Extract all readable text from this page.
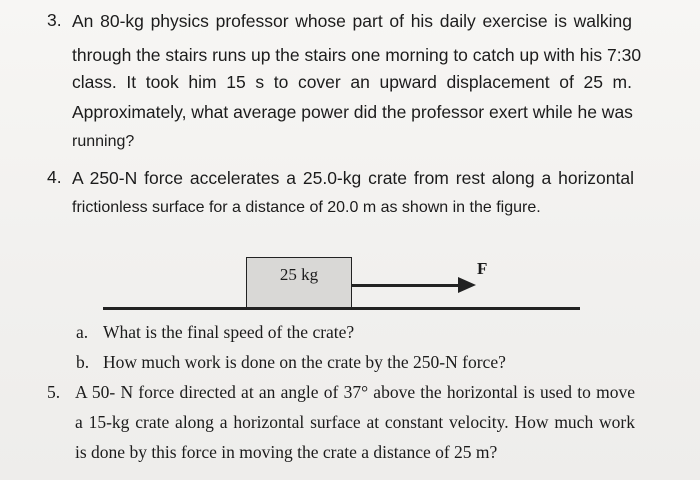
3. An 80-kg physics professor whose part of his daily exercise is walking
through the stairs runs up the stairs one morning to catch up with his 7:30
class. It took him 15 s to cover an upward displacement of 25 m.
Approximately, what average power did the professor exert while he was
running?
4. A 250-N force accelerates a 25.0-kg crate from rest along a horizontal
frictionless surface for a distance of 20.0 m as shown in the figure.
25 kg	F
a. What is the final speed of the crate?
b. How much work is done on the crate by the 250-N force?
5. A 50- N force directed at an angle of 37° above the horizontal is used to move
a 15-kg crate along a horizontal surface at constant velocity. How much work
is done by this force in moving the crate a distance of 25 m?
